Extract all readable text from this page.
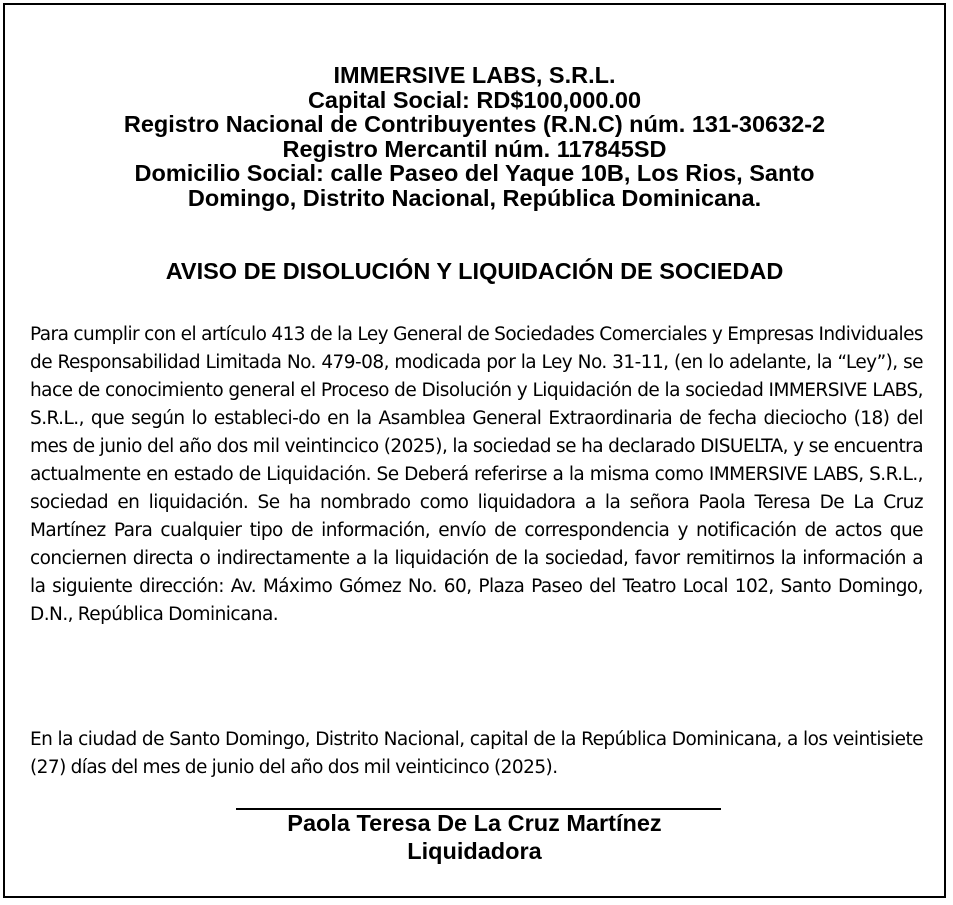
IMMERSIVE LABS, S.R.L.
Capital Social: RD$100,000.00
Registro Nacional de Contribuyentes (R.N.C) núm. 131-30632-2
Registro Mercantil núm. 117845SD
Domicilio Social: calle Paseo del Yaque 10B, Los Rios, Santo
Domingo, Distrito Nacional, República Dominicana.
AVISO DE DISOLUCIÓN Y LIQUIDACIÓN DE SOCIEDAD

Para cumplir con el artículo 413 de la Ley General de Sociedades Comerciales y Empresas Individuales de Responsabilidad Limitada No. 479-08, modicada por la Ley No. 31-11, (en lo adelante, la “Ley”), se hace de conocimiento general el Proceso de Disolución y Liquidación de la sociedad IMMERSIVE LABS, S.R.L., que según lo estableci-do en la Asamblea General Extraordinaria de fecha dieciocho (18) del mes de junio del año dos mil veintincico (2025), la sociedad se ha declarado DISUELTA, y se encuentra actualmente en estado de Liquidación. Se Deberá referirse a la misma como IMMERSIVE LABS, S.R.L., sociedad en liquidación. Se ha nombrado como liquidadora a la señora Paola Teresa De La Cruz Martínez Para cualquier tipo de información, envío de correspondencia y notificación de actos que conciernen directa o indirectamente a la liquidación de la sociedad, favor remitirnos la información a la siguiente dirección: Av. Máximo Gómez No. 60, Plaza Paseo del Teatro Local 102, Santo Domingo, D.N., República Dominicana.

En la ciudad de Santo Domingo, Distrito Nacional, capital de la República Dominicana, a los veintisiete (27) días del mes de junio del año dos mil veinticinco (2025).

Paola Teresa De La Cruz Martínez
Liquidadora
